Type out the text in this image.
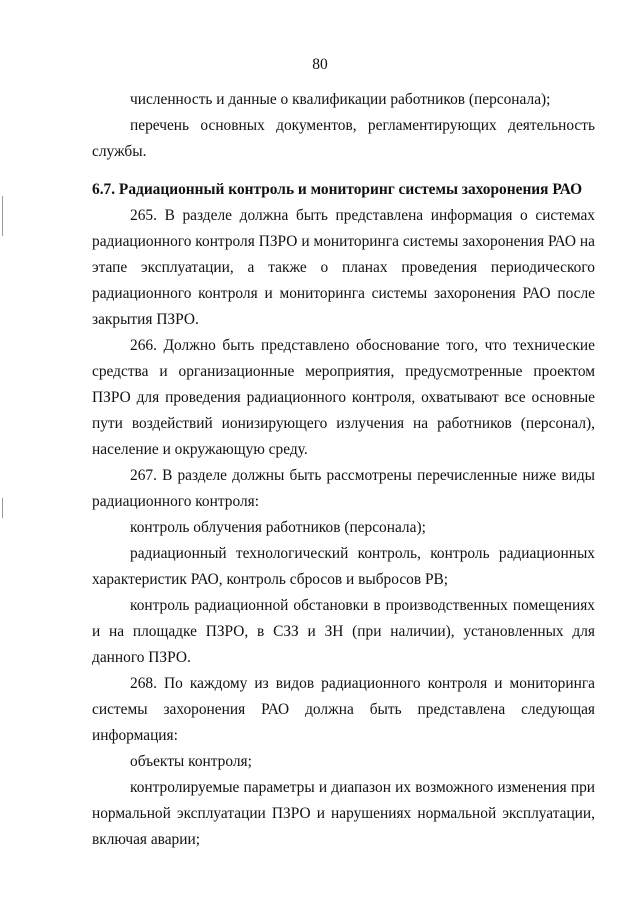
80

численность и данные о квалификации работников (персонала);

перечень основных документов, регламентирующих деятельность службы.

6.7. Радиационный контроль и мониторинг системы захоронения РАО

265. В разделе должна быть представлена информация о системах радиационного контроля ПЗРО и мониторинга системы захоронения РАО на этапе эксплуатации, а также о планах проведения периодического радиационного контроля и мониторинга системы захоронения РАО после закрытия ПЗРО.

266. Должно быть представлено обоснование того, что технические средства и организационные мероприятия, предусмотренные проектом ПЗРО для проведения радиационного контроля, охватывают все основные пути воздействий ионизирующего излучения на работников (персонал), население и окружающую среду.

267. В разделе должны быть рассмотрены перечисленные ниже виды радиационного контроля:

контроль облучения работников (персонала);

радиационный технологический контроль, контроль радиационных характеристик РАО, контроль сбросов и выбросов РВ;

контроль радиационной обстановки в производственных помещениях и на площадке ПЗРО, в СЗЗ и ЗН (при наличии), установленных для данного ПЗРО.

268. По каждому из видов радиационного контроля и мониторинга системы захоронения РАО должна быть представлена следующая информация:

объекты контроля;

контролируемые параметры и диапазон их возможного изменения при нормальной эксплуатации ПЗРО и нарушениях нормальной эксплуатации, включая аварии;
